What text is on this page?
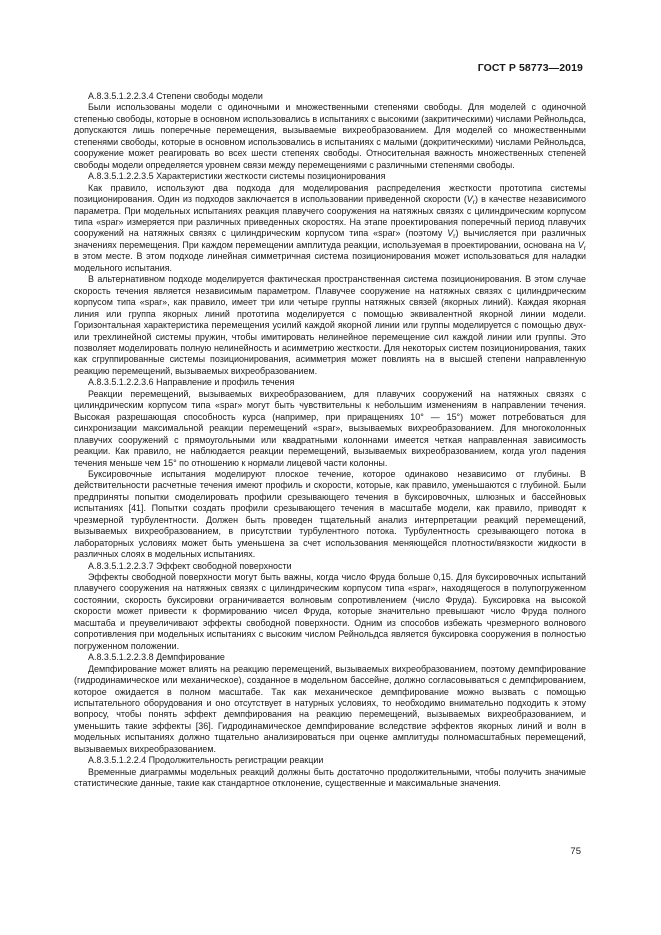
ГОСТ Р 58773—2019

А.8.3.5.1.2.2.3.4 Степени свободы модели

Были использованы модели с одиночными и множественными степенями свободы. Для моделей с одиночной степенью свободы, которые в основном использовались в испытаниях с высокими (закритическими) числами Рейнольдса, допускаются лишь поперечные перемещения, вызываемые вихреобразованием. Для моделей со множественными степенями свободы, которые в основном использовались в испытаниях с малыми (докритическими) числами Рейнольдса, сооружение может реагировать во всех шести степенях свободы. Относительная важность множественных степеней свободы модели определяется уровнем связи между перемещениями с различными степенями свободы.

А.8.3.5.1.2.2.3.5 Характеристики жесткости системы позиционирования

Как правило, используют два подхода для моделирования распределения жесткости прототипа системы позиционирования. Один из подходов заключается в использовании приведенной скорости $(V_r)$ в качестве независимого параметра. При модельных испытаниях реакция плавучего сооружения на натяжных связях с цилиндрическим корпусом типа «spar» измеряется при различных приведенных скоростях. На этапе проектирования поперечный период плавучих сооружений на натяжных связях с цилиндрическим корпусом типа «spar» (поэтому $V_r$) вычисляется при различных значениях перемещения. При каждом перемещении амплитуда реакции, используемая в проектировании, основана на $V_r$ в этом месте. В этом подходе линейная симметричная система позиционирования может использоваться для наладки модельного испытания.

В альтернативном подходе моделируется фактическая пространственная система позиционирования. В этом случае скорость течения является независимым параметром. Плавучее сооружение на натяжных связях с цилиндрическим корпусом типа «spar», как правило, имеет три или четыре группы натяжных связей (якорных линий). Каждая якорная линия или группа якорных линий прототипа моделируется с помощью эквивалентной якорной линии модели. Горизонтальная характеристика перемещения усилий каждой якорной линии или группы моделируется с помощью двух- или трехлинейной системы пружин, чтобы имитировать нелинейное перемещение сил каждой линии или группы. Это позволяет моделировать полную нелинейность и асимметрию жесткости. Для некоторых систем позиционирования, таких как сгруппированные системы позиционирования, асимметрия может повлиять на в высшей степени направленную реакцию перемещений, вызываемых вихреобразованием.

А.8.3.5.1.2.2.3.6 Направление и профиль течения

Реакции перемещений, вызываемых вихреобразованием, для плавучих сооружений на натяжных связях с цилиндрическим корпусом типа «spar» могут быть чувствительны к небольшим изменениям в направлении течения. Высокая разрешающая способность курса (например, при приращениях 10° — 15°) может потребоваться для синхронизации максимальной реакции перемещений «spar», вызываемых вихреобразованием. Для многоколонных плавучих сооружений с прямоугольными или квадратными колоннами имеется четкая направленная зависимость реакции. Как правило, не наблюдается реакции перемещений, вызываемых вихреобразованием, когда угол падения течения меньше чем 15° по отношению к нормали лицевой части колонны.

Буксировочные испытания моделируют плоское течение, которое одинаково независимо от глубины. В действительности расчетные течения имеют профиль и скорости, которые, как правило, уменьшаются с глубиной. Были предприняты попытки смоделировать профили срезывающего течения в буксировочных, шлюзных и бассейновых испытаниях [41]. Попытки создать профили срезывающего течения в масштабе модели, как правило, приводят к чрезмерной турбулентности. Должен быть проведен тщательный анализ интерпретации реакций перемещений, вызываемых вихреобразованием, в присутствии турбулентного потока. Турбулентность срезывающего потока в лабораторных условиях может быть уменьшена за счет использования меняющейся плотности/вязкости жидкости в различных слоях в модельных испытаниях.

А.8.3.5.1.2.2.3.7 Эффект свободной поверхности

Эффекты свободной поверхности могут быть важны, когда число Фруда больше 0,15. Для буксировочных испытаний плавучего сооружения на натяжных связях с цилиндрическим корпусом типа «spar», находящегося в полупогруженном состоянии, скорость буксировки ограничивается волновым сопротивлением (число Фруда). Буксировка на высокой скорости может привести к формированию чисел Фруда, которые значительно превышают число Фруда полного масштаба и преувеличивают эффекты свободной поверхности. Одним из способов избежать чрезмерного волнового сопротивления при модельных испытаниях с высоким числом Рейнольдса является буксировка сооружения в полностью погруженном положении.

А.8.3.5.1.2.2.3.8 Демпфирование

Демпфирование может влиять на реакцию перемещений, вызываемых вихреобразованием, поэтому демпфирование (гидродинамическое или механическое), созданное в модельном бассейне, должно согласовываться с демпфированием, которое ожидается в полном масштабе. Так как механическое демпфирование можно вызвать с помощью испытательного оборудования и оно отсутствует в натурных условиях, то необходимо внимательно подходить к этому вопросу, чтобы понять эффект демпфирования на реакцию перемещений, вызываемых вихреобразованием, и уменьшить такие эффекты [36]. Гидродинамическое демпфирование вследствие эффектов якорных линий и волн в модельных испытаниях должно тщательно анализироваться при оценке амплитуды полномасштабных перемещений, вызываемых вихреобразованием.

А.8.3.5.1.2.2.4 Продолжительность регистрации реакции

Временные диаграммы модельных реакций должны быть достаточно продолжительными, чтобы получить значимые статистические данные, такие как стандартное отклонение, существенные и максимальные значения.

75
